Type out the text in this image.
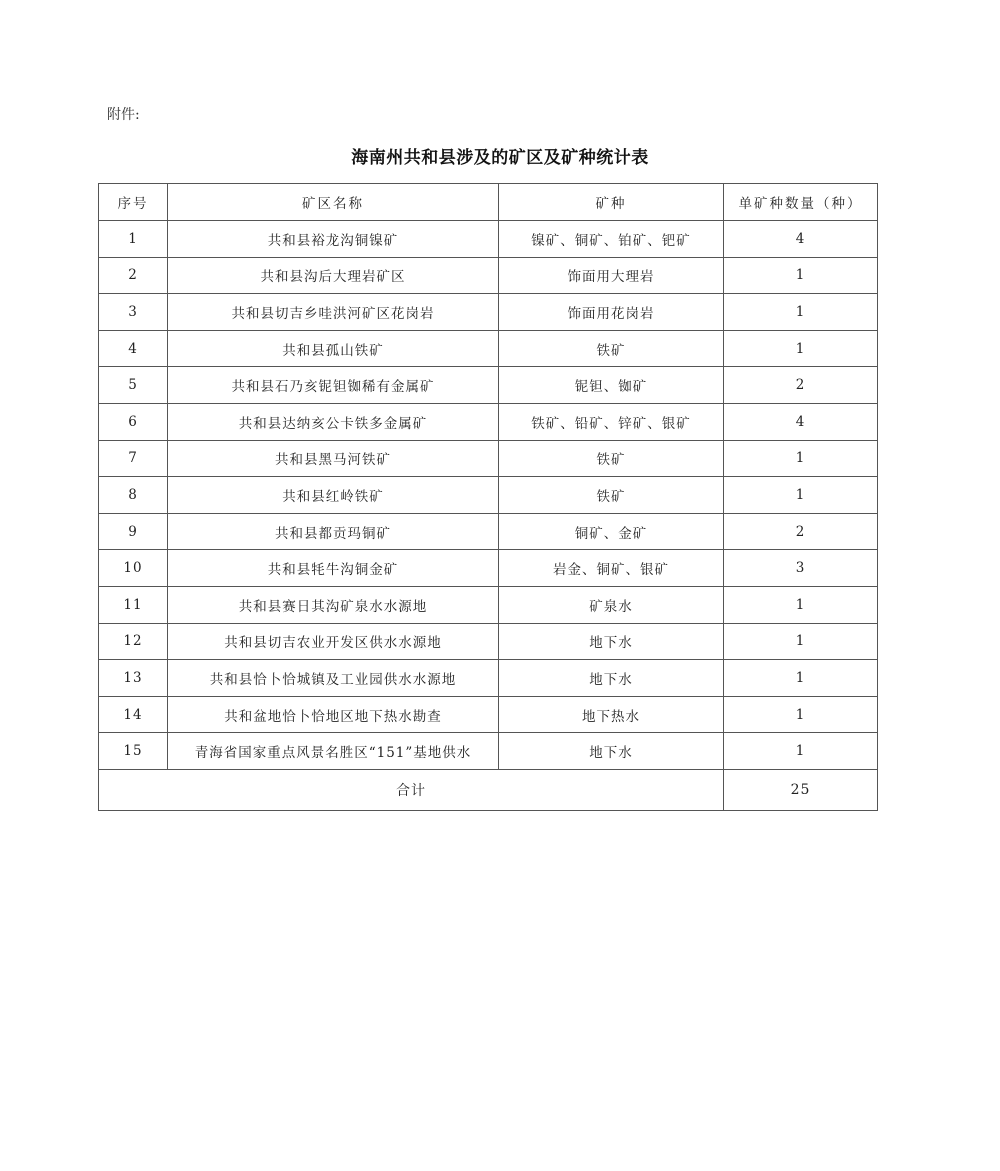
附件:
海南州共和县涉及的矿区及矿种统计表
序号	矿区名称	矿种	单矿种数量（种）
1	共和县裕龙沟铜镍矿	镍矿、铜矿、铂矿、钯矿	4
2	共和县沟后大理岩矿区	饰面用大理岩	1
3	共和县切吉乡哇洪河矿区花岗岩	饰面用花岗岩	1
4	共和县孤山铁矿	铁矿	1
5	共和县石乃亥铌钽铷稀有金属矿	铌钽、铷矿	2
6	共和县达纳亥公卡铁多金属矿	铁矿、铅矿、锌矿、银矿	4
7	共和县黑马河铁矿	铁矿	1
8	共和县红岭铁矿	铁矿	1
9	共和县都贡玛铜矿	铜矿、金矿	2
10	共和县牦牛沟铜金矿	岩金、铜矿、银矿	3
11	共和县赛日其沟矿泉水水源地	矿泉水	1
12	共和县切吉农业开发区供水水源地	地下水	1
13	共和县恰卜恰城镇及工业园供水水源地	地下水	1
14	共和盆地恰卜恰地区地下热水勘查	地下热水	1
15	青海省国家重点风景名胜区“151”基地供水	地下水	1
合计			25
